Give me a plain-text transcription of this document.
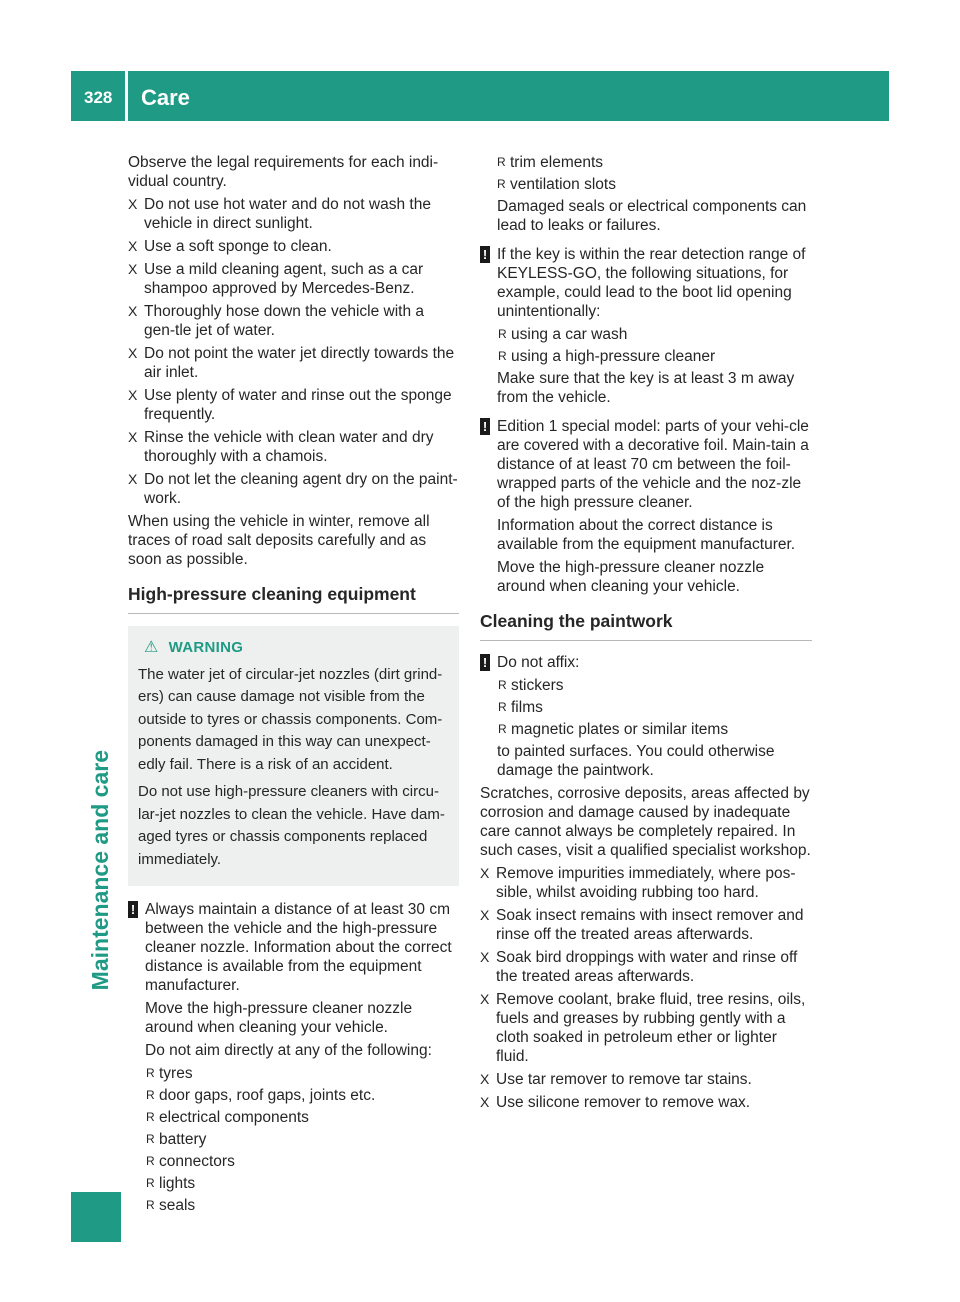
328 Care
Maintenance and care

Observe the legal requirements for each indi-vidual country.

X Do not use hot water and do not wash the vehicle in direct sunlight.
X Use a soft sponge to clean.
X Use a mild cleaning agent, such as a car shampoo approved by Mercedes-Benz.
X Thoroughly hose down the vehicle with a gen-tle jet of water.
X Do not point the water jet directly towards the air inlet.
X Use plenty of water and rinse out the sponge frequently.
X Rinse the vehicle with clean water and dry thoroughly with a chamois.
X Do not let the cleaning agent dry on the paint-work.

When using the vehicle in winter, remove all traces of road salt deposits carefully and as soon as possible.

High-pressure cleaning equipment
⚠ WARNING

The water jet of circular-jet nozzles (dirt grind-ers) can cause damage not visible from the outside to tyres or chassis components. Com-ponents damaged in this way can unexpect-edly fail. There is a risk of an accident.

Do not use high-pressure cleaners with circu-lar-jet nozzles to clean the vehicle. Have dam-aged tyres or chassis components replaced immediately.

! Always maintain a distance of at least 30 cm between the vehicle and the high-pressure cleaner nozzle. Information about the correct distance is available from the equipment manufacturer.

Move the high-pressure cleaner nozzle around when cleaning your vehicle.

Do not aim directly at any of the following:

R tyres
R door gaps, roof gaps, joints etc.
R electrical components
R battery
R connectors
R lights
R seals
R trim elements
R ventilation slots

Damaged seals or electrical components can lead to leaks or failures.

! If the key is within the rear detection range of KEYLESS-GO, the following situations, for example, could lead to the boot lid opening unintentionally:

R using a car wash
R using a high-pressure cleaner

Make sure that the key is at least 3 m away from the vehicle.

! Edition 1 special model: parts of your vehi-cle are covered with a decorative foil. Main-tain a distance of at least 70 cm between the foil-wrapped parts of the vehicle and the noz-zle of the high pressure cleaner.

Information about the correct distance is available from the equipment manufacturer.

Move the high-pressure cleaner nozzle around when cleaning your vehicle.

Cleaning the paintwork
! Do not affix:

R stickers
R films
R magnetic plates or similar items

to painted surfaces. You could otherwise damage the paintwork.

Scratches, corrosive deposits, areas affected by corrosion and damage caused by inadequate care cannot always be completely repaired. In such cases, visit a qualified specialist workshop.

X Remove impurities immediately, where pos-sible, whilst avoiding rubbing too hard.
X Soak insect remains with insect remover and rinse off the treated areas afterwards.
X Soak bird droppings with water and rinse off the treated areas afterwards.
X Remove coolant, brake fluid, tree resins, oils, fuels and greases by rubbing gently with a cloth soaked in petroleum ether or lighter fluid.
X Use tar remover to remove tar stains.
X Use silicone remover to remove wax.
